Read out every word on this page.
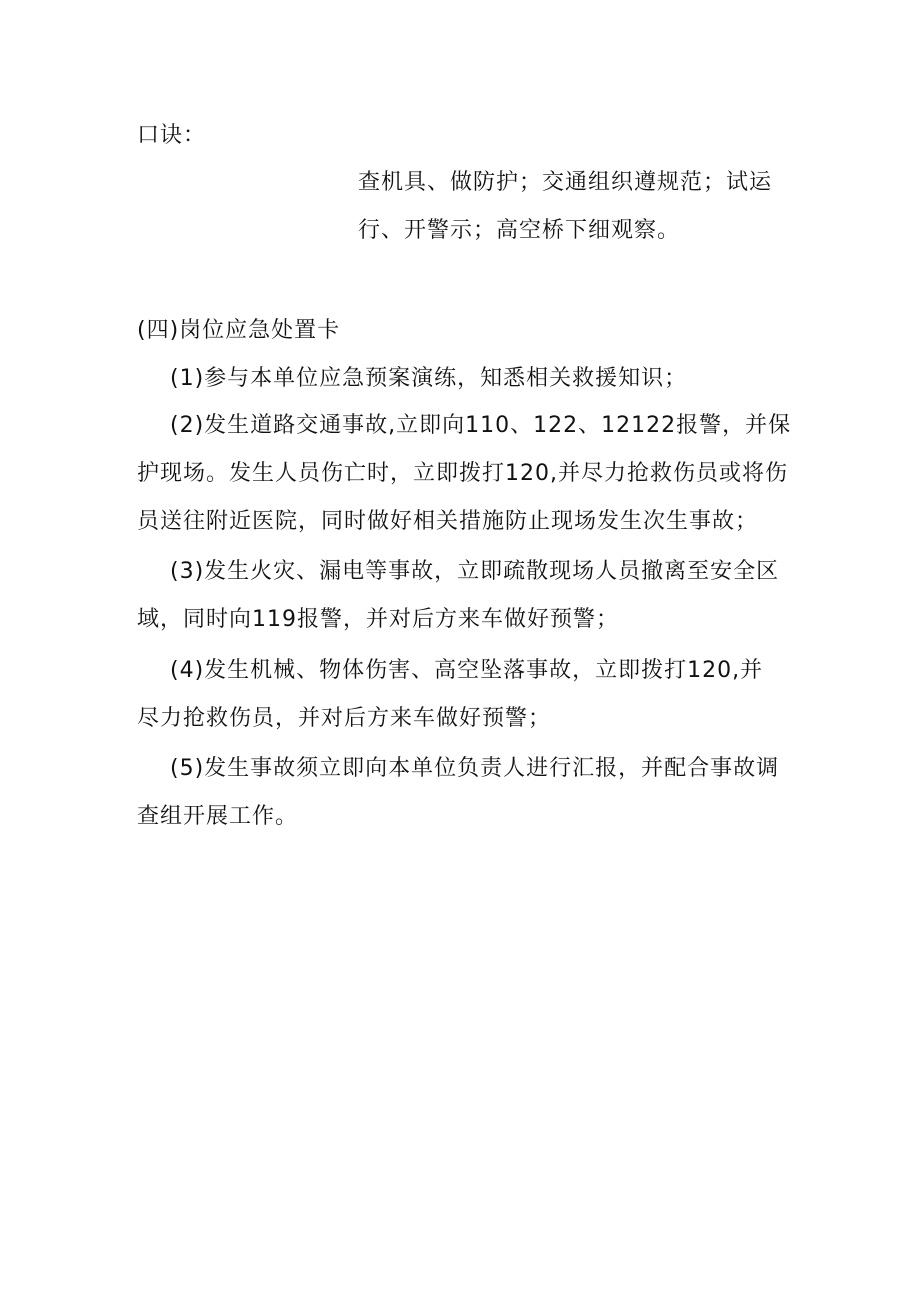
口诀：
查机具、做防护；交通组织遵规范；试运
行、开警示；高空桥下细观察。
(四)岗位应急处置卡
(1)参与本单位应急预案演练，知悉相关救援知识；
(2)发生道路交通事故,立即向110、122、12122报警，并保
护现场。发生人员伤亡时，立即拨打120,并尽力抢救伤员或将伤
员送往附近医院，同时做好相关措施防止现场发生次生事故；
(3)发生火灾、漏电等事故，立即疏散现场人员撤离至安全区
域，同时向119报警，并对后方来车做好预警；
(4)发生机械、物体伤害、高空坠落事故，立即拨打120,并
尽力抢救伤员，并对后方来车做好预警；
(5)发生事故须立即向本单位负责人进行汇报，并配合事故调
查组开展工作。
